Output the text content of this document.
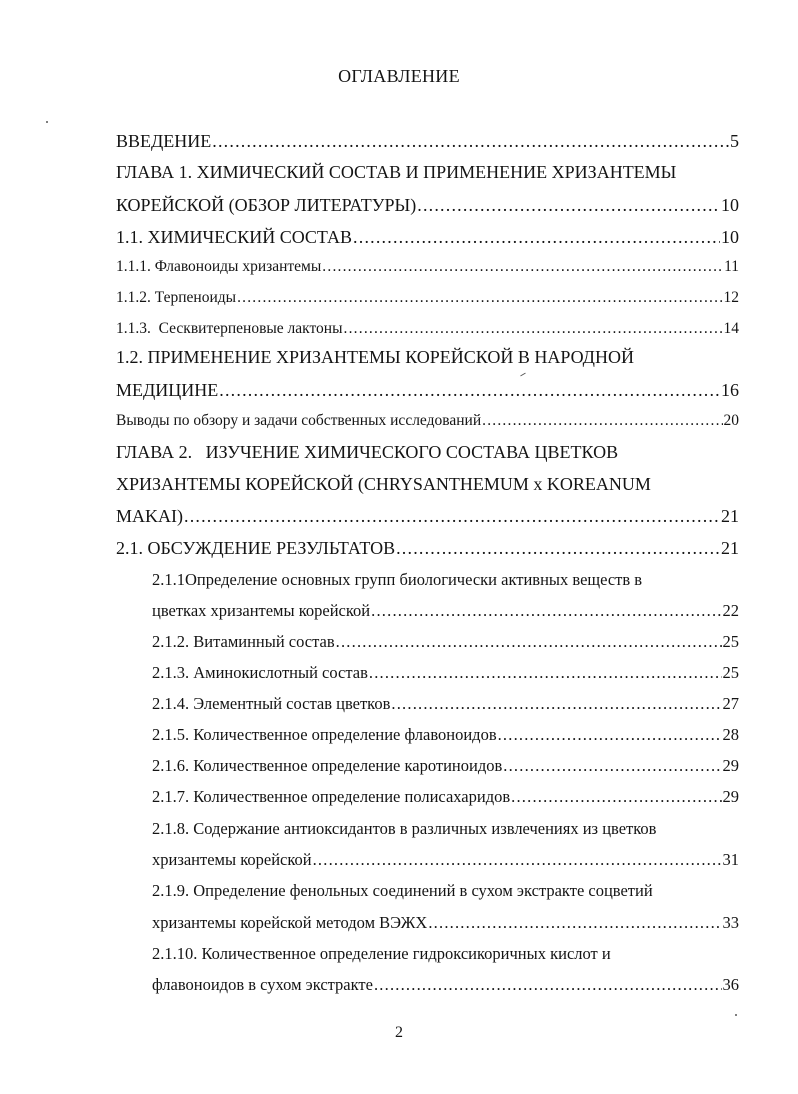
ОГЛАВЛЕНИЕ
ВВЕДЕНИЕ .....	5
ГЛАВА 1. ХИМИЧЕСКИЙ СОСТАВ И ПРИМЕНЕНИЕ ХРИЗАНТЕМЫ
КОРЕЙСКОЙ (ОБЗОР ЛИТЕРАТУРЫ) .....	10
1.1. ХИМИЧЕСКИЙ СОСТАВ .....	10
1.1.1. Флавоноиды хризантемы .....	11
1.1.2. Терпеноиды .....	12
1.1.3.  Сесквитерпеновые лактоны .....	14
1.2. ПРИМЕНЕНИЕ ХРИЗАНТЕМЫ КОРЕЙСКОЙ В НАРОДНОЙ
МЕДИЦИНЕ .....	16
Выводы по обзору и задачи собственных исследований .....	20
ГЛАВА 2.   ИЗУЧЕНИЕ ХИМИЧЕСКОГО СОСТАВА ЦВЕТКОВ
ХРИЗАНТЕМЫ КОРЕЙСКОЙ (CHRYSANTHEMUM x KOREANUM
MAKAI) .....	21
2.1. ОБСУЖДЕНИЕ РЕЗУЛЬТАТОВ .....	21
2.1.1Определение основных групп биологически активных веществ в
цветках хризантемы корейской .....	22
2.1.2. Витаминный состав .....	25
2.1.3. Аминокислотный состав .....	25
2.1.4. Элементный состав цветков .....	27
2.1.5. Количественное определение флавоноидов .....	28
2.1.6. Количественное определение каротиноидов .....	29
2.1.7. Количественное определение полисахаридов .....	29
2.1.8. Содержание антиоксидантов в различных извлечениях из цветков
хризантемы корейской .....	31
2.1.9. Определение фенольных соединений в сухом экстракте соцветий
хризантемы корейской методом ВЭЖХ .....	33
2.1.10. Количественное определение гидроксикоричных кислот и
флавоноидов в сухом экстракте .....	36
2
